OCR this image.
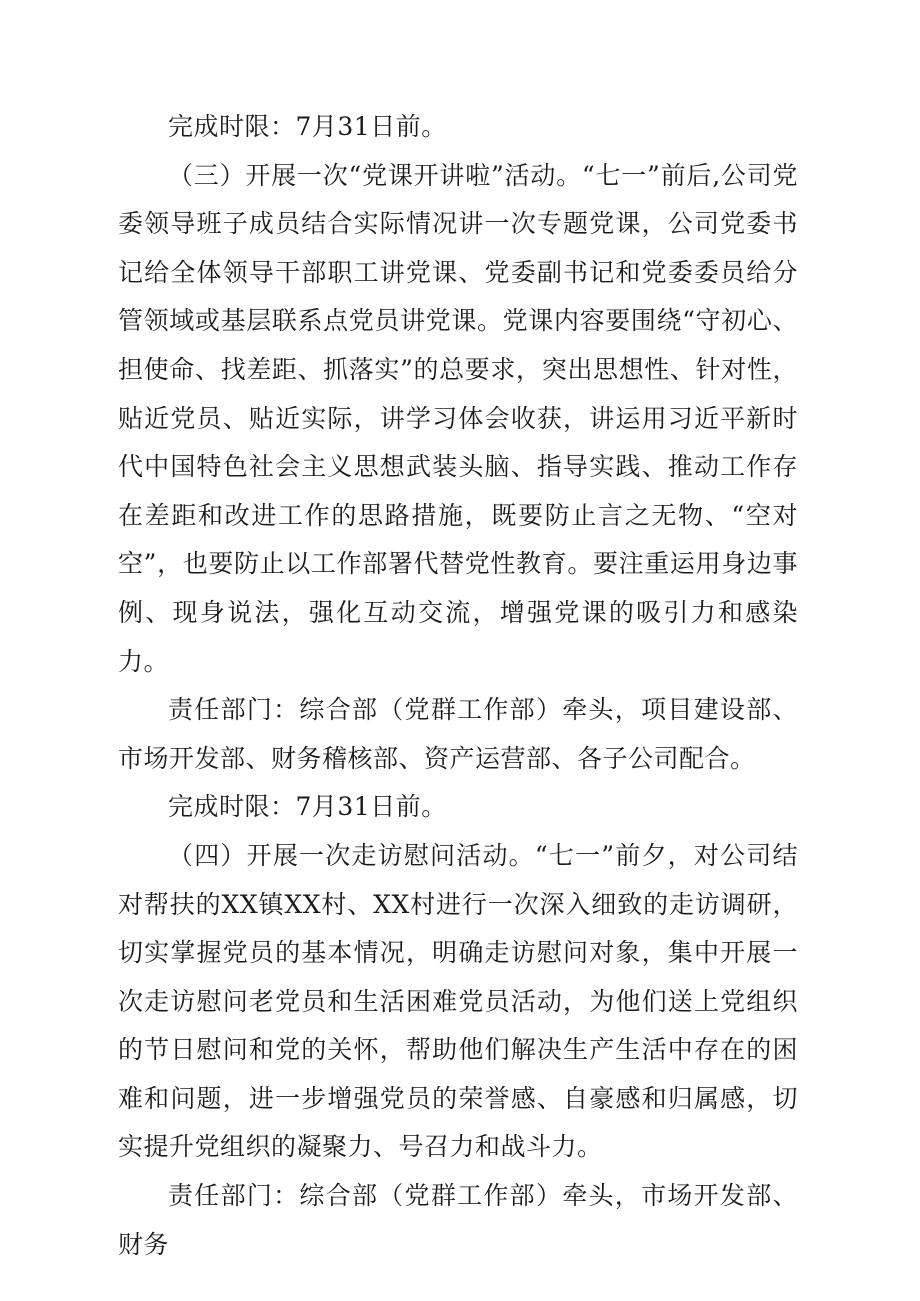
完成时限：7月31日前。

（三）开展一次“党课开讲啦”活动。“七一”前后,公司党委领导班子成员结合实际情况讲一次专题党课，公司党委书记给全体领导干部职工讲党课、党委副书记和党委委员给分管领域或基层联系点党员讲党课。党课内容要围绕“守初心、担使命、找差距、抓落实”的总要求，突出思想性、针对性，贴近党员、贴近实际，讲学习体会收获，讲运用习近平新时代中国特色社会主义思想武装头脑、指导实践、推动工作存在差距和改进工作的思路措施，既要防止言之无物、“空对空”，也要防止以工作部署代替党性教育。要注重运用身边事例、现身说法，强化互动交流，增强党课的吸引力和感染力。

责任部门：综合部（党群工作部）牵头，项目建设部、市场开发部、财务稽核部、资产运营部、各子公司配合。

完成时限：7月31日前。

（四）开展一次走访慰问活动。“七一”前夕，对公司结对帮扶的XX镇XX村、XX村进行一次深入细致的走访调研，切实掌握党员的基本情况，明确走访慰问对象，集中开展一次走访慰问老党员和生活困难党员活动，为他们送上党组织的节日慰问和党的关怀，帮助他们解决生产生活中存在的困难和问题，进一步增强党员的荣誉感、自豪感和归属感，切实提升党组织的凝聚力、号召力和战斗力。

责任部门：综合部（党群工作部）牵头，市场开发部、财务
